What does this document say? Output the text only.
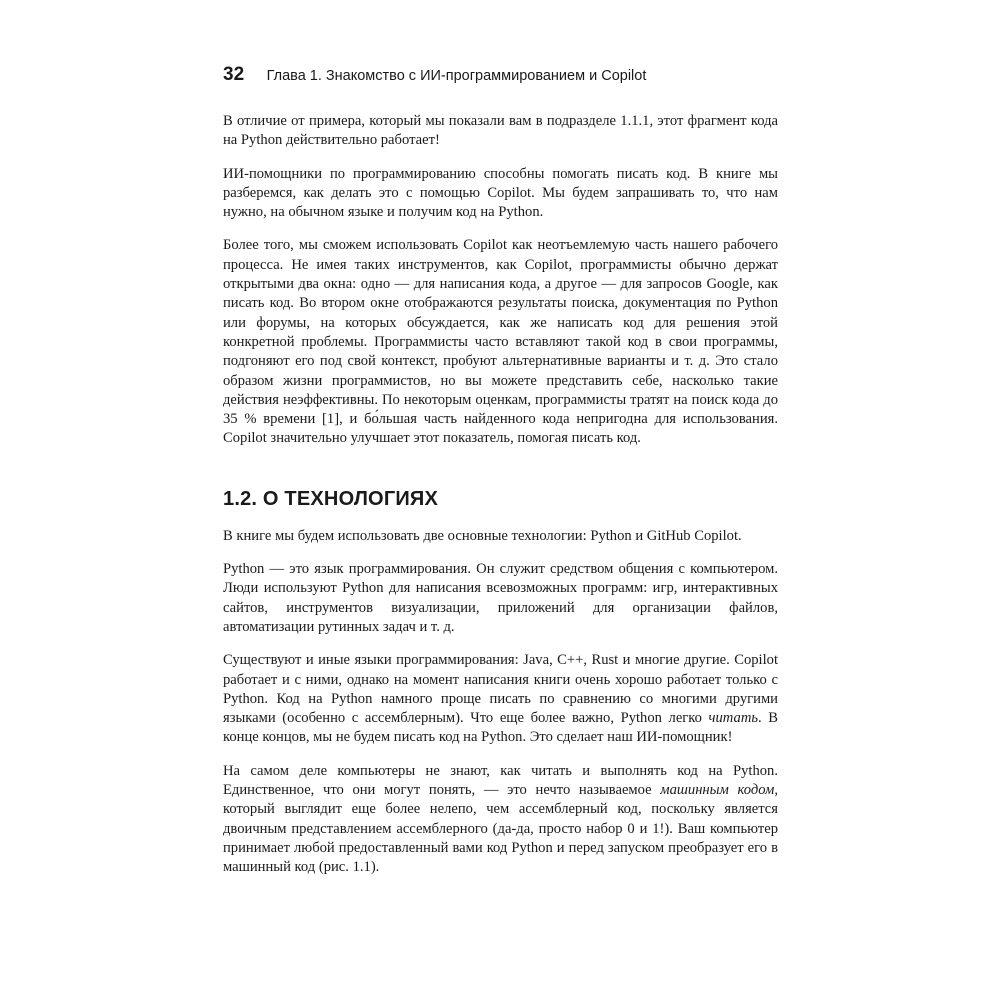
32 Глава 1. Знакомство с ИИ-программированием и Copilot

В отличие от примера, который мы показали вам в подразделе 1.1.1, этот фрагмент кода на Python действительно работает!

ИИ-помощники по программированию способны помогать писать код. В книге мы разберемся, как делать это с помощью Copilot. Мы будем запрашивать то, что нам нужно, на обычном языке и получим код на Python.

Более того, мы сможем использовать Copilot как неотъемлемую часть нашего рабочего процесса. Не имея таких инструментов, как Copilot, программисты обычно держат открытыми два окна: одно — для написания кода, а другое — для запросов Google, как писать код. Во втором окне отображаются результаты поиска, документация по Python или форумы, на которых обсуждается, как же написать код для решения этой конкретной проблемы. Программисты часто вставляют такой код в свои программы, подгоняют его под свой контекст, пробуют альтернативные варианты и т. д. Это стало образом жизни программистов, но вы можете представить себе, насколько такие действия неэффективны. По некоторым оценкам, программисты тратят на поиск кода до 35 % времени [1], и бо́льшая часть найденного кода непригодна для использования. Copilot значительно улучшает этот показатель, помогая писать код.

1.2. О ТЕХНОЛОГИЯХ

В книге мы будем использовать две основные технологии: Python и GitHub Copilot.

Python — это язык программирования. Он служит средством общения с компьютером. Люди используют Python для написания всевозможных программ: игр, интерактивных сайтов, инструментов визуализации, приложений для организации файлов, автоматизации рутинных задач и т. д.

Существуют и иные языки программирования: Java, C++, Rust и многие другие. Copilot работает и с ними, однако на момент написания книги очень хорошо работает только с Python. Код на Python намного проще писать по сравнению со многими другими языками (особенно с ассемблерным). Что еще более важно, Python легко читать. В конце концов, мы не будем писать код на Python. Это сделает наш ИИ-помощник!

На самом деле компьютеры не знают, как читать и выполнять код на Python. Единственное, что они могут понять, — это нечто называемое машинным кодом, который выглядит еще более нелепо, чем ассемблерный код, поскольку является двоичным представлением ассемблерного (да-да, просто набор 0 и 1!). Ваш компьютер принимает любой предоставленный вами код Python и перед запуском преобразует его в машинный код (рис. 1.1).
